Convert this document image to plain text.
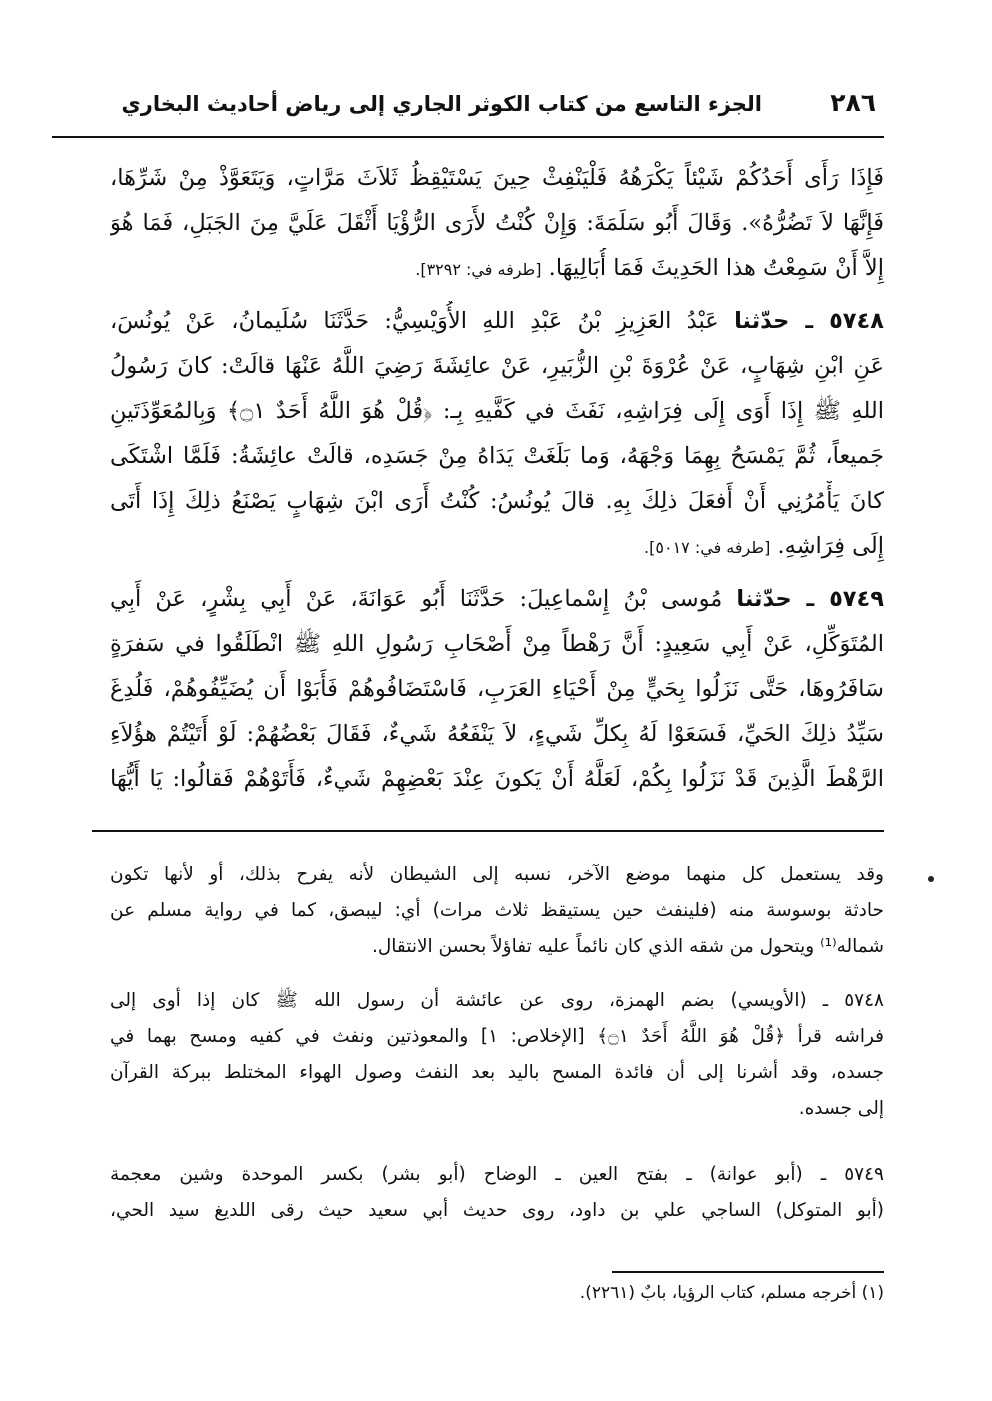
٢٨٦
الجزء التاسع من كتاب الكوثر الجاري إلى رياض أحاديث البخاري
فَإِذَا رَأَى أَحَدُكُمْ شَيْئاً يَكْرَهُهُ فَلْيَنْفِثْ حِينَ يَسْتَيْقِظُ ثَلاَثَ مَرَّاتٍ، وَيَتَعَوَّذْ مِنْ شَرِّهَا،
فَإِنَّهَا لاَ تَضُرُّهُ». وَقَالَ أَبُو سَلَمَةَ: وَإِنْ كُنْتُ لأَرَى الرُّؤْيَا أَثْقَلَ عَلَيَّ مِنَ الجَبَلِ، فَمَا هُوَ
إِلاَّ أَنْ سَمِعْتُ هذا الحَدِيثَ فَمَا أُبَالِيهَا. [طرفه في: ٣٢٩٢].
٥٧٤٨ ـ حدّثنا عَبْدُ العَزِيزِ بْنُ عَبْدِ اللهِ الأُوَيْسِيُّ: حَدَّثَنَا سُلَيمانُ، عَنْ يُونُسَ،
عَنِ ابْنِ شِهَابٍ، عَنْ عُرْوَةَ بْنِ الزُّبَيرِ، عَنْ عائِشَةَ رَضِيَ اللَّهُ عَنْهَا قالَتْ: كانَ رَسُولُ
اللهِ ﷺ إِذَا أَوَى إِلَى فِرَاشِهِ، نَفَثَ في كَفَّيهِ بِـ: ﴿قُلْ هُوَ اللَّهُ أَحَدٌ ۝١﴾ وَبِالمُعَوِّذَتَينِ
جَميعاً، ثُمَّ يَمْسَحُ بِهِمَا وَجْهَهُ، وَما بَلَغَتْ يَدَاهُ مِنْ جَسَدِه، قالَتْ عائِشَةُ: فَلَمَّا اشْتَكَى
كانَ يَأْمُرُنِي أَنْ أَفعَلَ ذلِكَ بِهِ. قالَ يُونُسُ: كُنْتُ أَرَى ابْنَ شِهَابٍ يَصْنَعُ ذلِكَ إِذَا أَتَى
إِلَى فِرَاشِهِ. [طرفه في: ٥٠١٧].
٥٧٤٩ ـ حدّثنا مُوسى بْنُ إِسْماعِيلَ: حَدَّثَنَا أَبُو عَوَانَةَ، عَنْ أَبِي بِشْرٍ، عَنْ أَبِي
المُتَوَكِّلِ، عَنْ أَبِي سَعِيدٍ: أَنَّ رَهْطاً مِنْ أَصْحَابِ رَسُولِ اللهِ ﷺ انْطَلَقُوا في سَفرَةٍ
سَافَرُوهَا، حَتَّى نَزَلُوا بِحَيٍّ مِنْ أَحْيَاءِ العَرَبِ، فَاسْتَضَافُوهُمْ فَأَبَوْا أَن يُضَيِّفُوهُمْ، فَلُدِغَ
سَيِّدُ ذلِكَ الحَيِّ، فَسَعَوْا لَهُ بِكلِّ شَيءٍ، لاَ يَنْفَعُهُ شَيءٌ، فَقَالَ بَعْضُهُمْ: لَوْ أَتَيْتُمْ هؤُلاَءِ
الرَّهْطَ الَّذِينَ قَدْ نَزَلُوا بِكُمْ، لَعَلَّهُ أَنْ يَكونَ عِنْدَ بَعْضِهِمْ شَيءٌ، فَأَتَوْهُمْ فَقالُوا: يَا أَيُّهَا
وقد يستعمل كل منهما موضع الآخر، نسبه إلى الشيطان لأنه يفرح بذلك، أو لأنها تكون
حادثة بوسوسة منه (فلينفث حين يستيقظ ثلاث مرات) أي: ليبصق، كما في رواية مسلم عن
شماله⁽¹⁾ ويتحول من شقه الذي كان نائماً عليه تفاؤلاً بحسن الانتقال.
٥٧٤٨ ـ (الأويسي) بضم الهمزة، روى عن عائشة أن رسول الله ﷺ كان إذا أوى إلى
فراشه قرأ ﴿قُلْ هُوَ اللَّهُ أَحَدٌ ۝١﴾ [الإخلاص: ١] والمعوذتين ونفث في كفيه ومسح بهما في
جسده، وقد أشرنا إلى أن فائدة المسح باليد بعد النفث وصول الهواء المختلط ببركة القرآن
إلى جسده.
٥٧٤٩ ـ (أبو عوانة) ـ بفتح العين ـ الوضاح (أبو بشر) بكسر الموحدة وشين معجمة
(أبو المتوكل) الساجي علي بن داود، روى حديث أبي سعيد حيث رقى اللديغ سيد الحي،
(١) أخرجه مسلم، كتاب الرؤيا، بابٌ (٢٢٦١).
